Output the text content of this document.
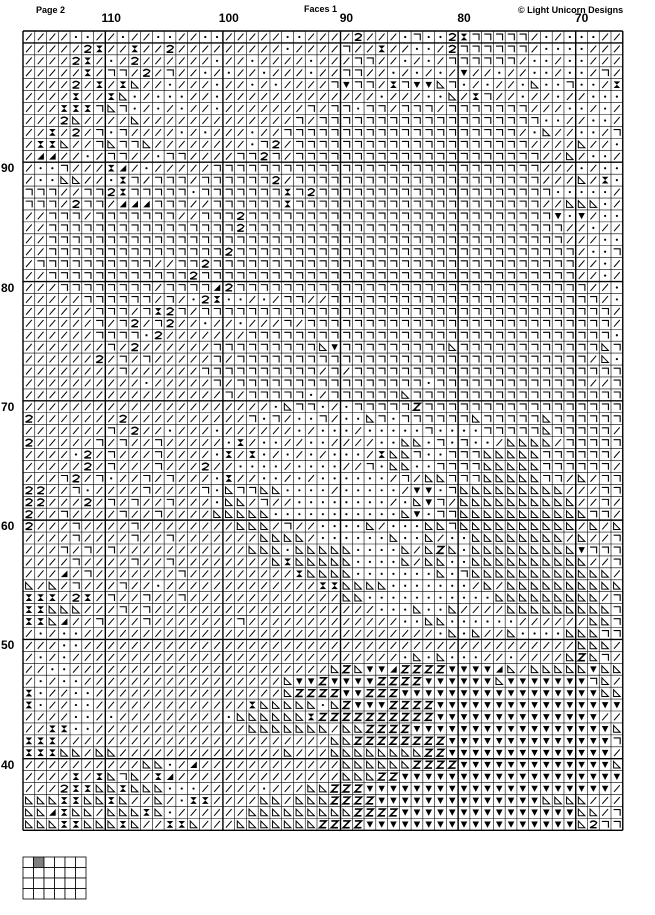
Page 2	Faces 1	© Light Unicorn Designs
110	100	90	80	70
90
80
70
60
50
40
